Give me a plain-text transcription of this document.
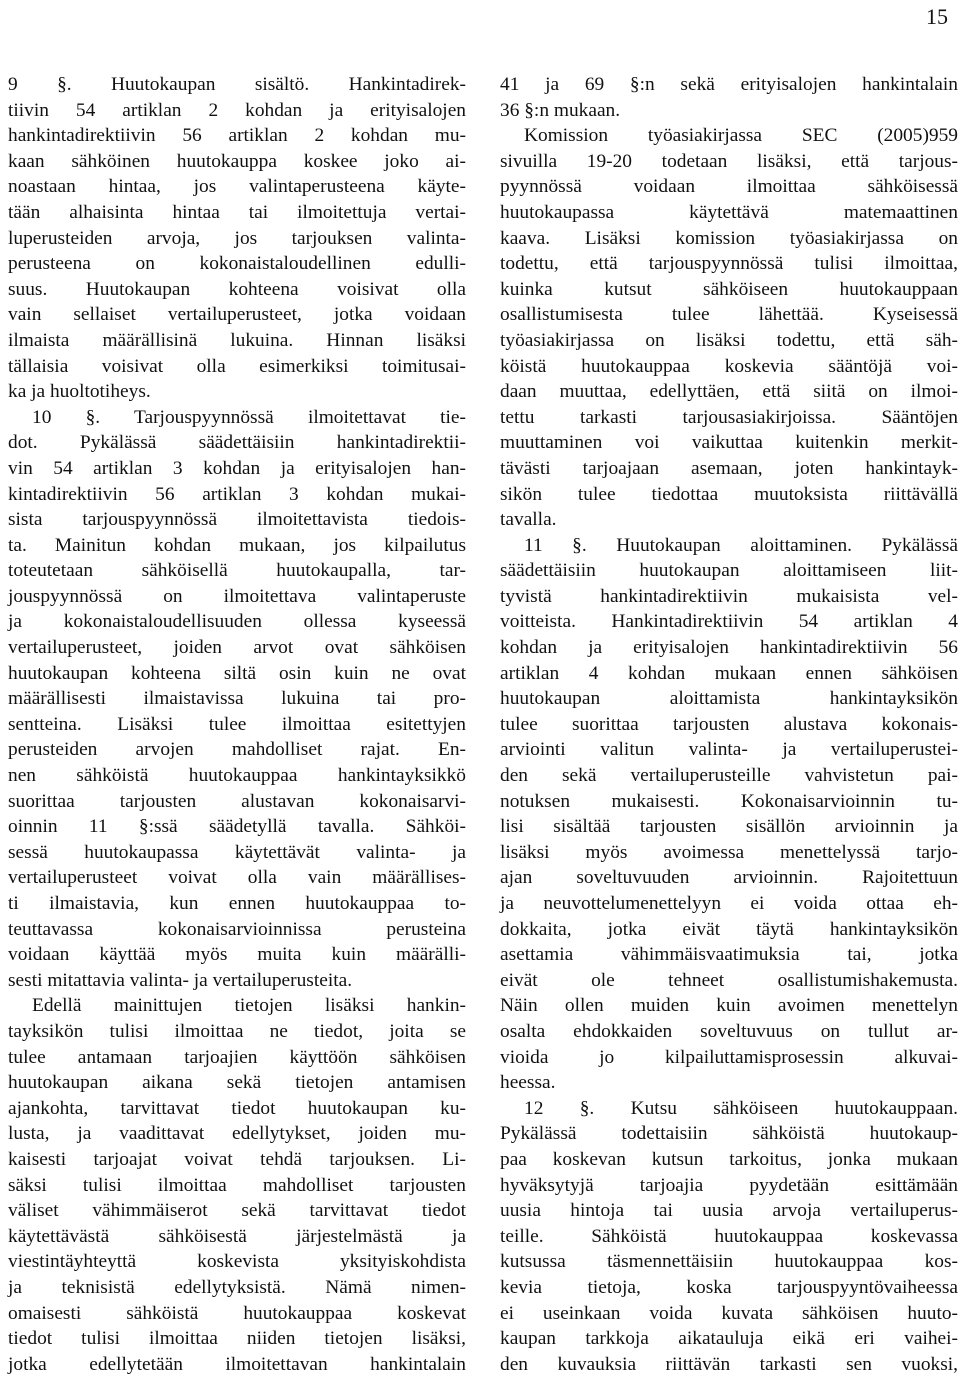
15
9 §. Huutokaupan sisältö. Hankintadirek-
tiivin 54 artiklan 2 kohdan ja erityisalojen
hankintadirektiivin 56 artiklan 2 kohdan mu-
kaan sähköinen huutokauppa koskee joko ai-
noastaan hintaa, jos valintaperusteena käyte-
tään alhaisinta hintaa tai ilmoitettuja vertai-
luperusteiden arvoja, jos tarjouksen valinta-
perusteena on kokonaistaloudellinen edulli-
suus. Huutokaupan kohteena voisivat olla
vain sellaiset vertailuperusteet, jotka voidaan
ilmaista määrällisinä lukuina. Hinnan lisäksi
tällaisia voisivat olla esimerkiksi toimitusai-
ka ja huoltotiheys.
10 §. Tarjouspyynnössä ilmoitettavat tie-
dot. Pykälässä säädettäisiin hankintadirektii-
vin 54 artiklan 3 kohdan ja erityisalojen han-
kintadirektiivin 56 artiklan 3 kohdan mukai-
sista tarjouspyynnössä ilmoitettavista tiedois-
ta. Mainitun kohdan mukaan, jos kilpailutus
toteutetaan sähköisellä huutokaupalla, tar-
jouspyynnössä on ilmoitettava valintaperuste
ja kokonaistaloudellisuuden ollessa kyseessä
vertailuperusteet, joiden arvot ovat sähköisen
huutokaupan kohteena siltä osin kuin ne ovat
määrällisesti ilmaistavissa lukuina tai pro-
sentteina. Lisäksi tulee ilmoittaa esitettyjen
perusteiden arvojen mahdolliset rajat. En-
nen sähköistä huutokauppaa hankintayksikkö
suorittaa tarjousten alustavan kokonaisarvi-
oinnin 11 §:ssä säädetyllä tavalla. Sähköi-
sessä huutokaupassa käytettävät valinta- ja
vertailuperusteet voivat olla vain määrällises-
ti ilmaistavia, kun ennen huutokauppaa to-
teuttavassa kokonaisarvioinnissa perusteina
voidaan käyttää myös muita kuin määrälli-
sesti mitattavia valinta- ja vertailuperusteita.
Edellä mainittujen tietojen lisäksi hankin-
tayksikön tulisi ilmoittaa ne tiedot, joita se
tulee antamaan tarjoajien käyttöön sähköisen
huutokaupan aikana sekä tietojen antamisen
ajankohta, tarvittavat tiedot huutokaupan ku-
lusta, ja vaadittavat edellytykset, joiden mu-
kaisesti tarjoajat voivat tehdä tarjouksen. Li-
säksi tulisi ilmoittaa mahdolliset tarjousten
väliset vähimmäiserot sekä tarvittavat tiedot
käytettävästä sähköisestä järjestelmästä ja
viestintäyhteyttä koskevista yksityiskohdista
ja teknisistä edellytyksistä. Nämä nimen-
omaisesti sähköistä huutokauppaa koskevat
tiedot tulisi ilmoittaa niiden tietojen lisäksi,
jotka edellytetään ilmoitettavan hankintalain
41 ja 69 §:n sekä erityisalojen hankintalain
36 §:n mukaan.
Komission työasiakirjassa SEC (2005)959
sivuilla 19-20 todetaan lisäksi, että tarjous-
pyynnössä voidaan ilmoittaa sähköisessä
huutokaupassa käytettävä matemaattinen
kaava. Lisäksi komission työasiakirjassa on
todettu, että tarjouspyynnössä tulisi ilmoittaa,
kuinka kutsut sähköiseen huutokauppaan
osallistumisesta tulee lähettää. Kyseisessä
työasiakirjassa on lisäksi todettu, että säh-
köistä huutokauppaa koskevia sääntöjä voi-
daan muuttaa, edellyttäen, että siitä on ilmoi-
tettu tarkasti tarjousasiakirjoissa. Sääntöjen
muuttaminen voi vaikuttaa kuitenkin merkit-
tävästi tarjoajaan asemaan, joten hankintayk-
sikön tulee tiedottaa muutoksista riittävällä
tavalla.
11 §. Huutokaupan aloittaminen. Pykälässä
säädettäisiin huutokaupan aloittamiseen liit-
tyvistä hankintadirektiivin mukaisista vel-
voitteista. Hankintadirektiivin 54 artiklan 4
kohdan ja erityisalojen hankintadirektiivin 56
artiklan 4 kohdan mukaan ennen sähköisen
huutokaupan aloittamista hankintayksikön
tulee suorittaa tarjousten alustava kokonais-
arviointi valitun valinta- ja vertailuperustei-
den sekä vertailuperusteille vahvistetun pai-
notuksen mukaisesti. Kokonaisarvioinnin tu-
lisi sisältää tarjousten sisällön arvioinnin ja
lisäksi myös avoimessa menettelyssä tarjo-
ajan soveltuvuuden arvioinnin. Rajoitettuun
ja neuvottelumenettelyyn ei voida ottaa eh-
dokkaita, jotka eivät täytä hankintayksikön
asettamia vähimmäisvaatimuksia tai, jotka
eivät ole tehneet osallistumishakemusta.
Näin ollen muiden kuin avoimen menettelyn
osalta ehdokkaiden soveltuvuus on tullut ar-
vioida jo kilpailuttamisprosessin alkuvai-
heessa.
12 §. Kutsu sähköiseen huutokauppaan.
Pykälässä todettaisiin sähköistä huutokaup-
paa koskevan kutsun tarkoitus, jonka mukaan
hyväksytyjä tarjoajia pyydetään esittämään
uusia hintoja tai uusia arvoja vertailuperus-
teille. Sähköistä huutokauppaa koskevassa
kutsussa täsmennettäisiin huutokauppaa kos-
kevia tietoja, koska tarjouspyyntövaiheessa
ei useinkaan voida kuvata sähköisen huuto-
kaupan tarkkoja aikatauluja eikä eri vaihei-
den kuvauksia riittävän tarkasti sen vuoksi,
